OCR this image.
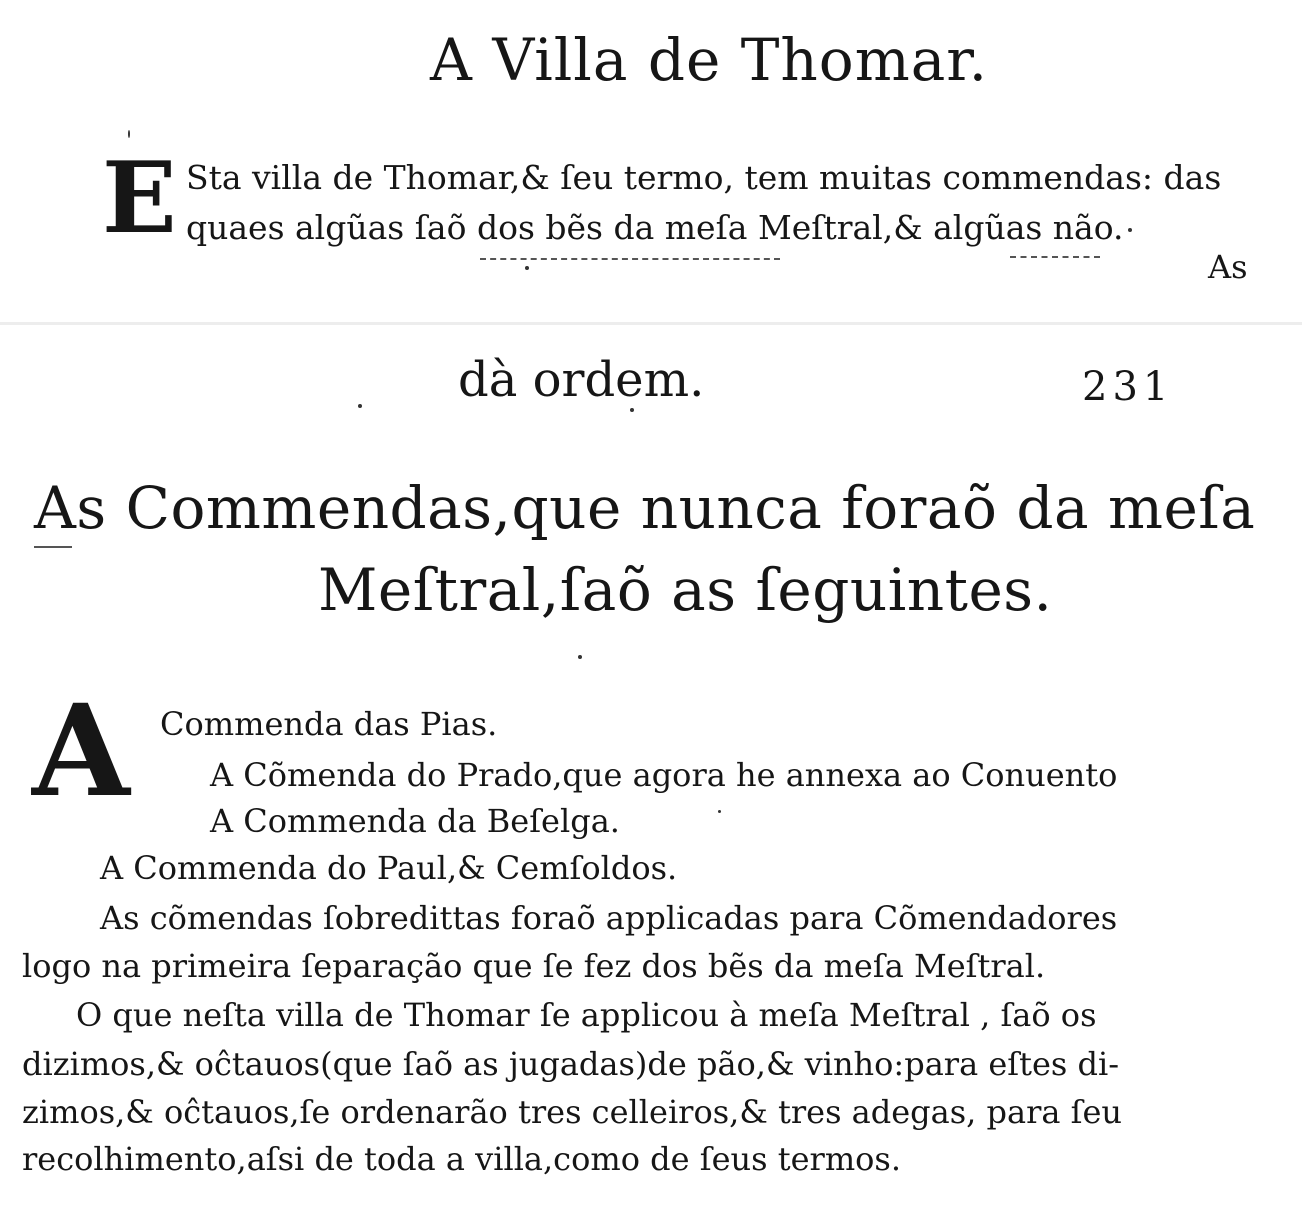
A Villa de Thomar.
E Sta villa de Thomar,& ſeu termo, tem muitas commendas: das
quaes algũas ſaõ dos bẽs da meſa Meſtral,& algũas não.
As
dà ordem.	231
As Commendas,que nunca foraõ da meſa
Meſtral,ſaõ as ſeguintes.
A Commenda das Pias.
A Cõmenda do Prado,que agora he annexa ao Conuento
A Commenda da Beſelga.
A Commenda do Paul,& Cemſoldos.
As cõmendas ſobredittas foraõ applicadas para Cõmendadores
logo na primeira ſeparação que ſe fez dos bẽs da meſa Meſtral.
O que neſta villa de Thomar ſe applicou à meſa Meſtral , ſaõ os
dizimos,& oĉtauos(que ſaõ as jugadas)de pão,& vinho:para eſtes di-
zimos,& oĉtauos,ſe ordenarão tres celleiros,& tres adegas, para ſeu
recolhimento,aſsi de toda a villa,como de ſeus termos.
